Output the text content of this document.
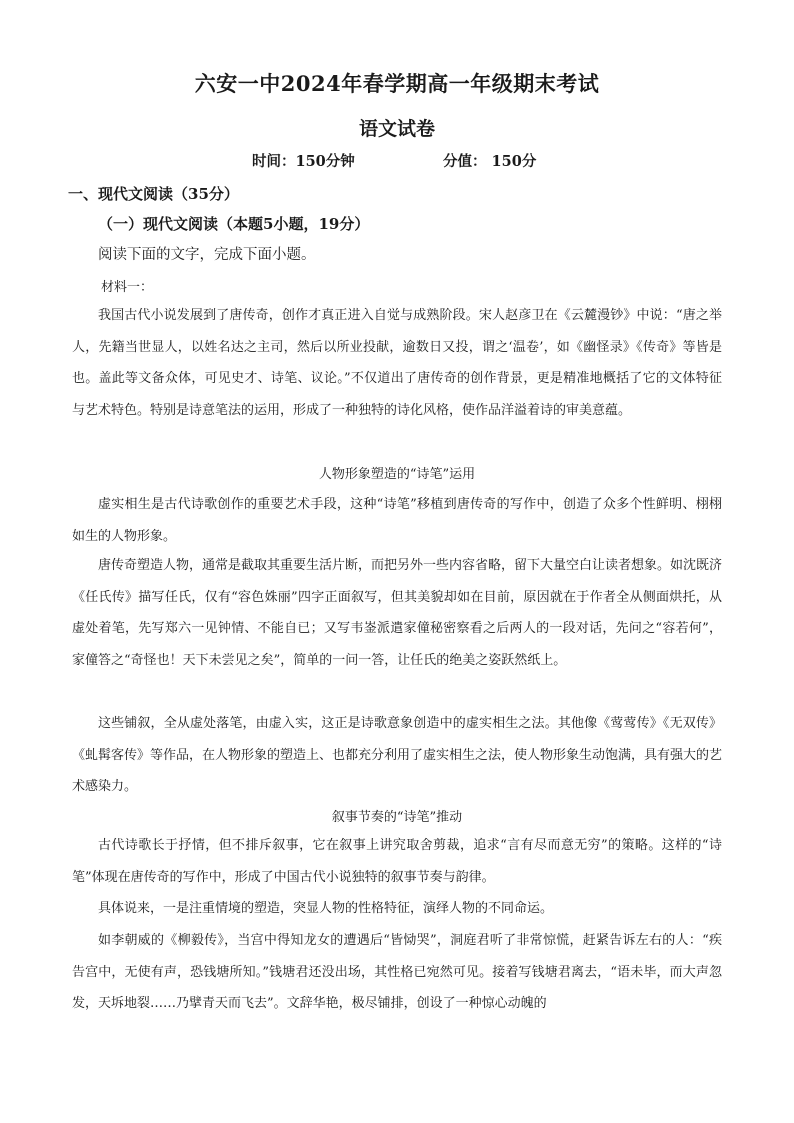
六安一中2024年春学期高一年级期末考试
语文试卷
时间：150分钟	分值： 150分
一、现代文阅读（35分）
（一）现代文阅读（本题5小题，19分）
阅读下面的文字，完成下面小题。
材料一：

我国古代小说发展到了唐传奇，创作才真正进入自觉与成熟阶段。宋人赵彦卫在《云麓漫钞》中说：“唐之举人，先籍当世显人，以姓名达之主司，然后以所业投献，逾数日又投，谓之‘温卷’，如《幽怪录》《传奇》等皆是也。盖此等文备众体，可见史才、诗笔、议论。”不仅道出了唐传奇的创作背景，更是精准地概括了它的文体特征与艺术特色。特别是诗意笔法的运用，形成了一种独特的诗化风格，使作品洋溢着诗的审美意蕴。

人物形象塑造的“诗笔”运用

虚实相生是古代诗歌创作的重要艺术手段，这种“诗笔”移植到唐传奇的写作中，创造了众多个性鲜明、栩栩如生的人物形象。

唐传奇塑造人物，通常是截取其重要生活片断，而把另外一些内容省略，留下大量空白让读者想象。如沈既济《任氏传》描写任氏，仅有“容色姝丽”四字正面叙写，但其美貌却如在目前，原因就在于作者全从侧面烘托，从虚处着笔，先写郑六一见钟情、不能自已；又写韦崟派遣家僮秘密察看之后两人的一段对话，先问之“容若何”，家僮答之“奇怪也！天下未尝见之矣”，简单的一问一答，让任氏的绝美之姿跃然纸上。

这些铺叙，全从虚处落笔，由虚入实，这正是诗歌意象创造中的虚实相生之法。其他像《莺莺传》《无双传》《虬髯客传》等作品，在人物形象的塑造上、也都充分利用了虚实相生之法，使人物形象生动饱满，具有强大的艺术感染力。

叙事节奏的“诗笔”推动

古代诗歌长于抒情，但不排斥叙事，它在叙事上讲究取舍剪裁，追求“言有尽而意无穷”的策略。这样的“诗笔”体现在唐传奇的写作中，形成了中国古代小说独特的叙事节奏与韵律。

具体说来，一是注重情境的塑造，突显人物的性格特征，演绎人物的不同命运。

如李朝威的《柳毅传》，当宫中得知龙女的遭遇后“皆恸哭”，洞庭君听了非常惊慌，赶紧告诉左右的人：“疾告宫中，无使有声，恐钱塘所知。”钱塘君还没出场，其性格已宛然可见。接着写钱塘君离去，“语未毕，而大声忽发，天坼地裂……乃擘青天而飞去”。文辞华艳，极尽铺排，创设了一种惊心动魄的
